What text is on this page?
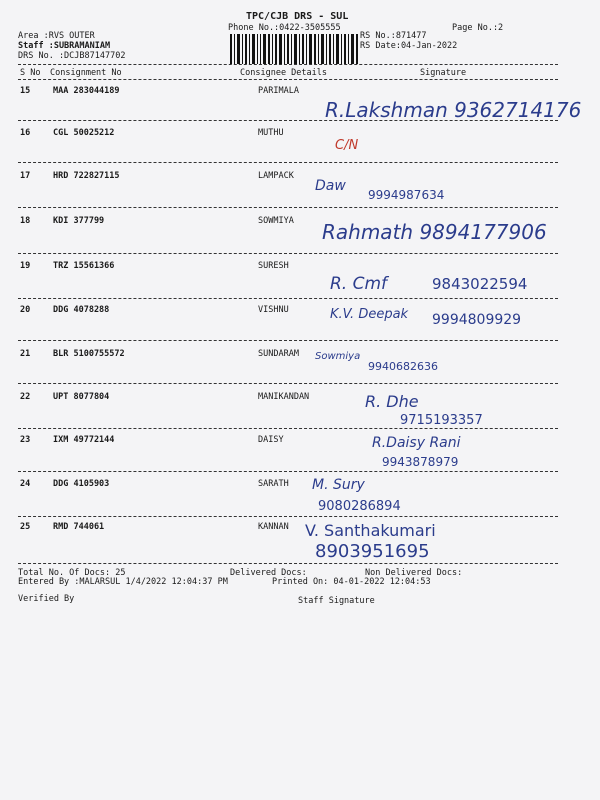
TPC/CJB DRS - SUL
Phone No.:0422-3505555	Page No.:2
Area :RVS OUTER
Staff :SUBRAMANIAM
DRS No. :DCJB87147702
RS No.:871477
RS Date:04-Jan-2022
S No Consignment No	Consignee Details	Signature
15	MAA 283044189	PARIMALA
R.Lakshman 9362714176
16	CGL 50025212	MUTHU
C/N
17	HRD 722827115	LAMPACK
Daw
9994987634
18	KDI 377799	SOWMIYA Rahmath 9894177906
19	TRZ 15561366	SURESH
R. Cmf	9843022594
20	DDG 4078288	VISHNU	K.V. Deepak 9994809929
21	BLR 5100755572	SUNDARAM Sowmiya
9940682636
22	UPT 8077804	MANIKANDAN	R. Dhe
9715193357
23	IXM 49772144	DAISY	R.Daisy Rani
9943878979
24	DDG 4105903	SARATH M. Sury
9080286894
25	RMD 744061	KANNAN V. Santhakumari
8903951695
Total No. Of Docs: 25	Delivered Docs:	Non Delivered Docs:
Entered By :MALARSUL 1/4/2022 12:04:37 PM	Printed On: 04-01-2022 12:04:53
Verified By	Staff Signature
